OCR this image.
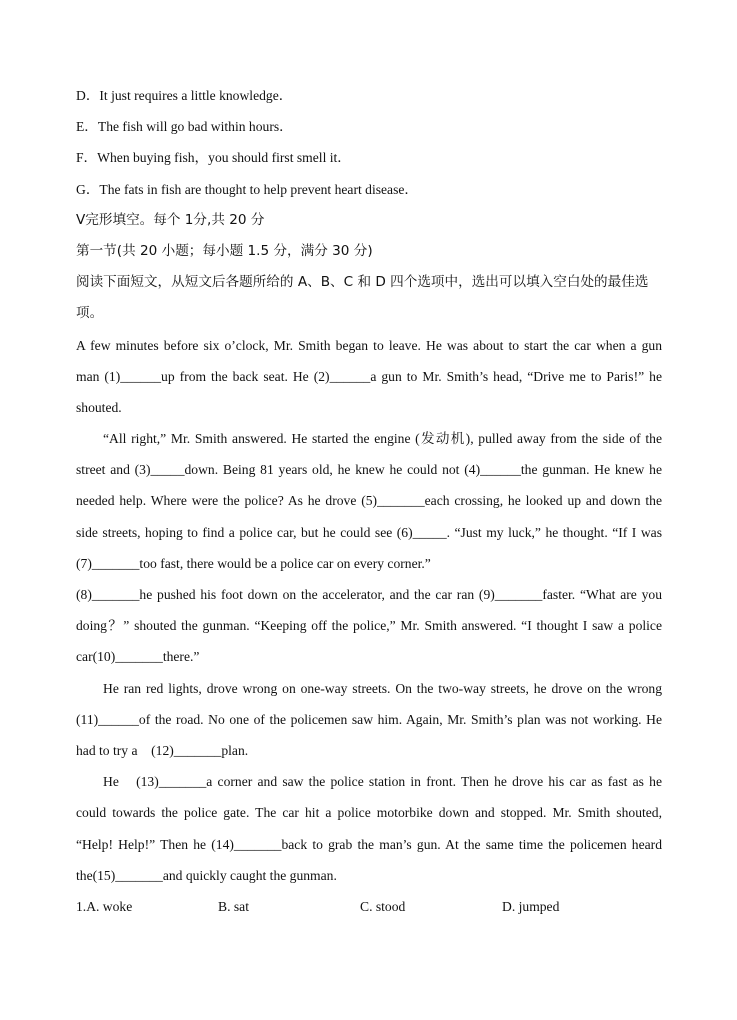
D．It just requires a little knowledge．
E．The fish will go bad within hours．
F．When buying fish，you should first smell it．
G．The fats in fish are thought to help prevent heart disease．
V完形填空。每个 1分,共 20 分
第一节(共 20 小题；每小题 1.5 分，满分 30 分)
阅读下面短文，从短文后各题所给的 A、B、C 和 D 四个选项中，选出可以填入空白处的最佳选
项。
A few minutes before six o’clock, Mr. Smith began to leave. He was about to start the car when a gun
man (1)______up from the back seat. He (2)______a gun to Mr. Smith’s head, “Drive me to Paris!” he
shouted.
“All right,” Mr. Smith answered. He started the engine (发动机), pulled away from the side of the
street and (3)_____down. Being 81 years old, he knew he could not (4)______the gunman. He knew he
needed help. Where were the police? As he drove (5)_______each crossing, he looked up and down the
side streets, hoping to find a police car, but he could see (6)_____. “Just my luck,” he thought. “If I was
(7)_______too fast, there would be a police car on every corner.”
(8)_______he pushed his foot down on the accelerator, and the car ran (9)_______faster. “What are you
doing？” shouted the gunman. “Keeping off the police,” Mr. Smith answered. “I thought I saw a police
car(10)_______there.”
He ran red lights, drove wrong on one-way streets. On the two-way streets, he drove on the wrong
(11)______of the road. No one of the policemen saw him. Again, Mr. Smith’s plan was not working. He
had to try a　(12)_______plan.
He　(13)_______a corner and saw the police station in front. Then he drove his car as fast as he
could towards the police gate. The car hit a police motorbike down and stopped. Mr. Smith shouted,
“Help! Help!” Then he (14)_______back to grab the man’s gun. At the same time the policemen heard
the(15)_______and quickly caught the gunman.
1.A. woke	B. sat	C. stood	D. jumped
